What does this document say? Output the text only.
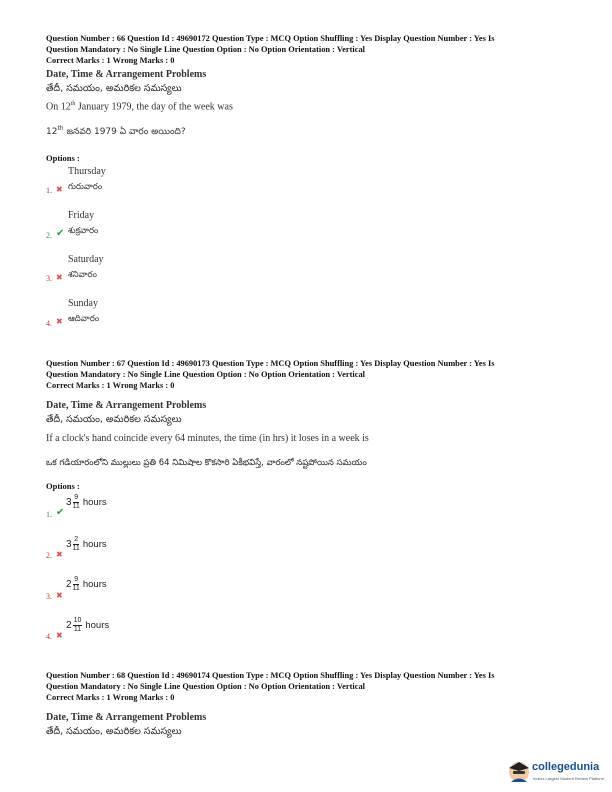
Question Number : 66 Question Id : 49690172 Question Type : MCQ Option Shuffling : Yes Display Question Number : Yes Is
Question Mandatory : No Single Line Question Option : No Option Orientation : Vertical
Correct Marks : 1 Wrong Marks : 0
Date, Time & Arrangement Problems
తేదీ, సమయం, అమరికల సమస్యలు
On 12th January 1979, the day of the week was
12th జనవరి 1979 ఏ వారం అయింది?
Options :
Thursday
1. ✖ గురువారం
Friday
2. ✔ శుక్రవారం
Saturday
3. ✖ శనివారం
Sunday
4. ✖ ఆదివారం
Question Number : 67 Question Id : 49690173 Question Type : MCQ Option Shuffling : Yes Display Question Number : Yes Is
Question Mandatory : No Single Line Question Option : No Option Orientation : Vertical
Correct Marks : 1 Wrong Marks : 0
Date, Time & Arrangement Problems
తేదీ, సమయం, అమరికల సమస్యలు
If a clock's hand coincide every 64 minutes, the time (in hrs) it loses in a week is
ఒక గడియారంలోని ముల్లులు ప్రతి 64 నిమిషాల కొకసారి ఏకీభవిస్తే, వారంలో నష్టపోయిన సమయం
Options :
$3 \frac{9}{11}$ hours
1. ✔
$3 \frac{2}{11}$ hours
2. ✖
$2 \frac{9}{11}$ hours
3. ✖
$2 \frac{10}{11}$ hours
4. ✖
Question Number : 68 Question Id : 49690174 Question Type : MCQ Option Shuffling : Yes Display Question Number : Yes Is
Question Mandatory : No Single Line Question Option : No Option Orientation : Vertical
Correct Marks : 1 Wrong Marks : 0
Date, Time & Arrangement Problems
తేదీ, సమయం, అమరికల సమస్యలు
collegedunia
India's Largest Student Review Platform
